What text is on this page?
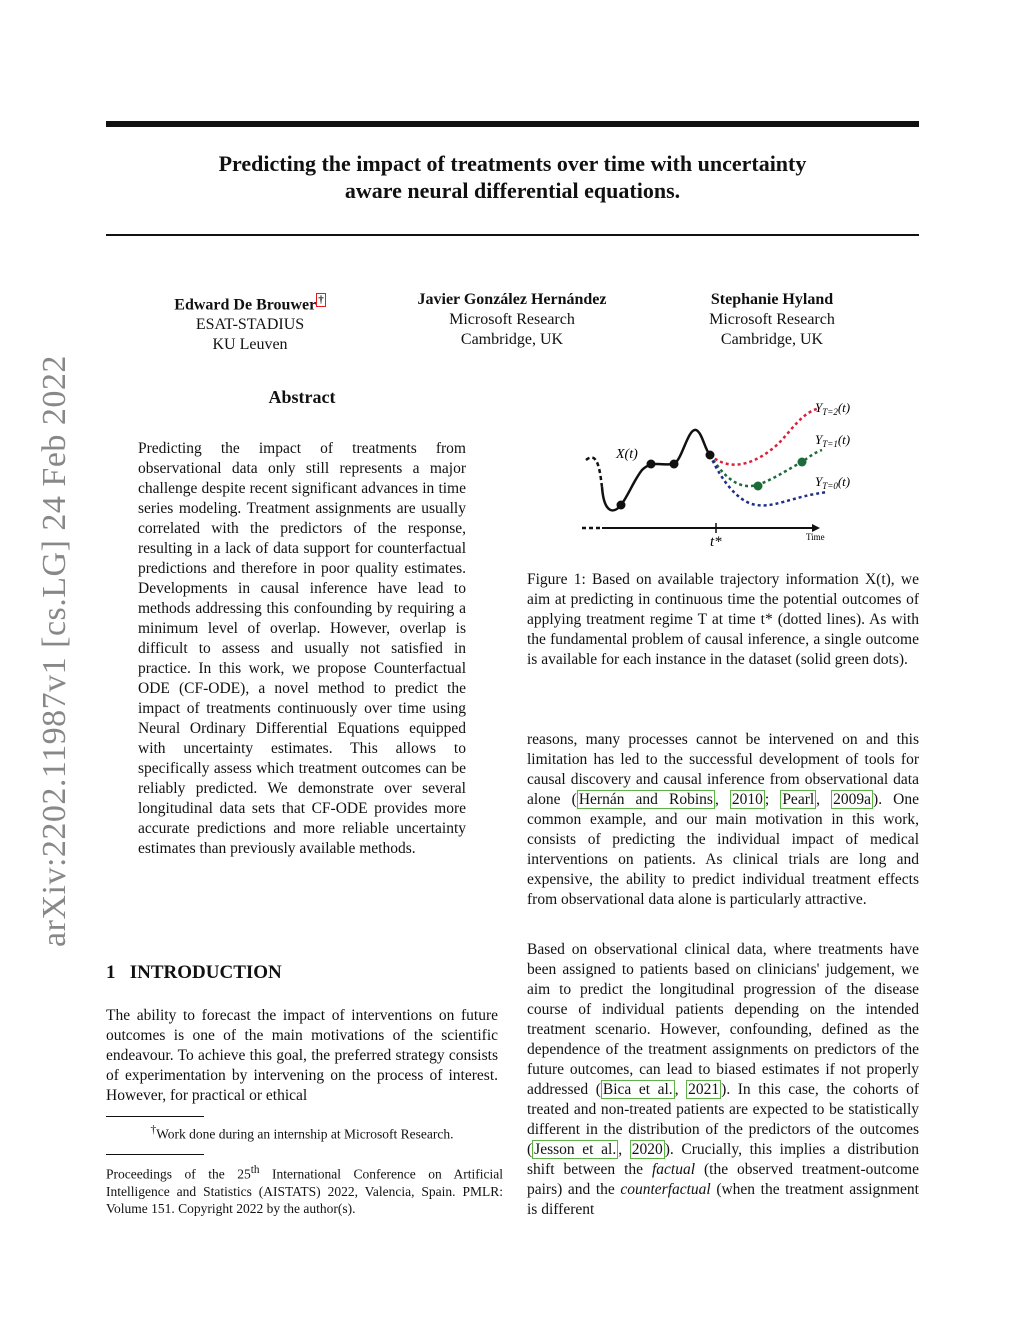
arXiv:2202.11987v1 [cs.LG] 24 Feb 2022
Predicting the impact of treatments over time with uncertainty
aware neural differential equations.
Edward De Brouwer †
ESAT-STADIUS
KU Leuven
Javier González Hernández
Microsoft Research
Cambridge, UK
Stephanie Hyland
Microsoft Research
Cambridge, UK
Abstract

Predicting the impact of treatments from observational data only still represents a major challenge despite recent significant advances in time series modeling. Treatment assignments are usually correlated with the predictors of the response, resulting in a lack of data support for counterfactual predictions and therefore in poor quality estimates. Developments in causal inference have lead to methods addressing this confounding by requiring a minimum level of overlap. However, overlap is difficult to assess and usually not satisfied in practice. In this work, we propose Counterfactual ODE (CF-ODE), a novel method to predict the impact of treatments continuously over time using Neural Ordinary Differential Equations equipped with uncertainty estimates. This allows to specifically assess which treatment outcomes can be reliably predicted. We demonstrate over several longitudinal data sets that CF-ODE provides more accurate predictions and more reliable uncertainty estimates than previously available methods.

1 INTRODUCTION

The ability to forecast the impact of interventions on future outcomes is one of the main motivations of the scientific endeavour. To achieve this goal, the preferred strategy consists of experimentation by intervening on the process of interest. However, for practical or ethical

†Work done during an internship at Microsoft Research.
Proceedings of the 25th International Conference on Artificial Intelligence and Statistics (AISTATS) 2022, Valencia, Spain. PMLR: Volume 151. Copyright 2022 by the author(s).
X(t)
$Y_{T=2}(t)$
$Y_{T=1}(t)$
$Y_{T=0}(t)$
t*	Time

Figure 1: Based on available trajectory information X(t), we aim at predicting in continuous time the potential outcomes of applying treatment regime T at time t* (dotted lines). As with the fundamental problem of causal inference, a single outcome is available for each instance in the dataset (solid green dots).

reasons, many processes cannot be intervened on and this limitation has led to the successful development of tools for causal discovery and causal inference from observational data alone ( Hernán and Robins , 2010 ; Pearl , 2009a ). One common example, and our main motivation in this work, consists of predicting the individual impact of medical interventions on patients. As clinical trials are long and expensive, the ability to predict individual treatment effects from observational data alone is particularly attractive.

Based on observational clinical data, where treatments have been assigned to patients based on clinicians' judgement, we aim to predict the longitudinal progression of the disease course of individual patients depending on the intended treatment scenario. However, confounding, defined as the dependence of the treatment assignments on predictors of the future outcomes, can lead to biased estimates if not properly addressed ( Bica et al. , 2021 ). In this case, the cohorts of treated and non-treated patients are expected to be statistically different in the distribution of the predictors of the outcomes ( Jesson et al. , 2020 ). Crucially, this implies a distribution shift between the factual (the observed treatment-outcome pairs) and the counterfactual (when the treatment assignment is different
